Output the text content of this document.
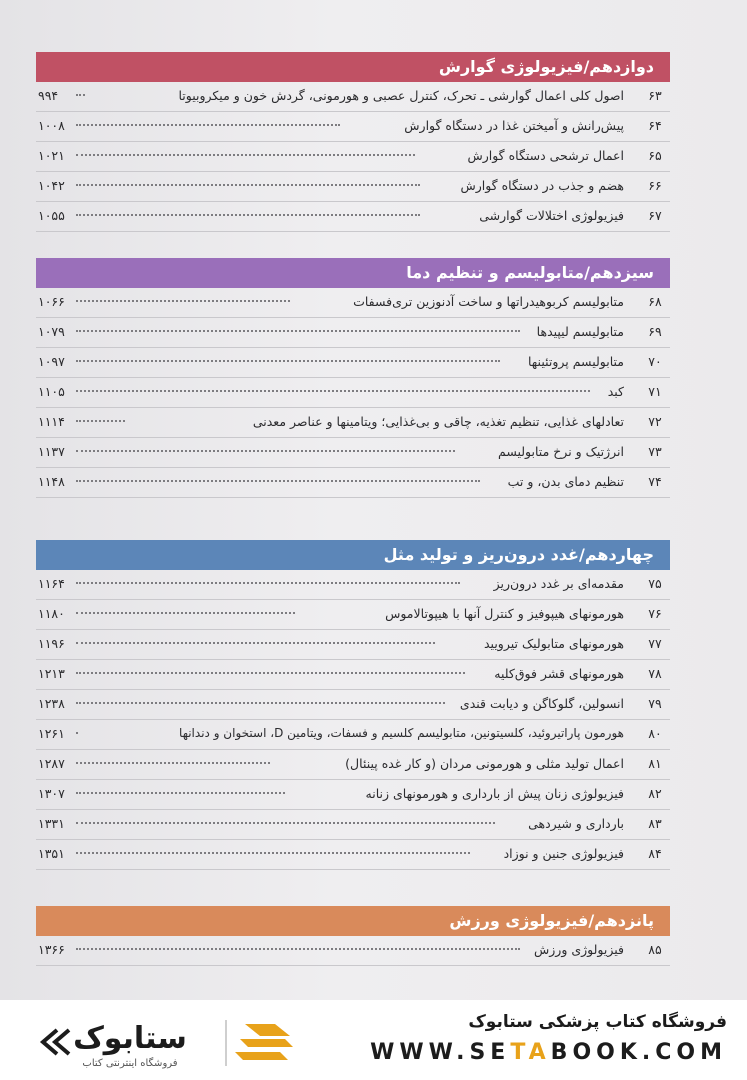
دوازدهم/فیزیولوژی گوارش
۶۳
اصول کلی اعمال گوارشی ـ تحرک، کنترل عصبی و هورمونی، گردش خون و میکروبیوتا
۹۹۴
۶۴
پیش‌رانش و آمیختن غذا در دستگاه گوارش
۱۰۰۸
۶۵
اعمال ترشحی دستگاه گوارش
۱۰۲۱
۶۶
هضم و جذب در دستگاه گوارش
۱۰۴۲
۶۷
فیزیولوژی اختلالات گوارشی
۱۰۵۵
سیزدهم/متابولیسم و تنظیم دما
۶۸
متابولیسم کربوهیدراتها و ساخت آدنوزین تری‌فسفات
۱۰۶۶
۶۹
متابولیسم لیپیدها
۱۰۷۹
۷۰
متابولیسم پروتئینها
۱۰۹۷
۷۱
کبد
۱۱۰۵
۷۲
تعادلهای غذایی، تنظیم تغذیه، چاقی و بی‌غذایی؛ ویتامینها و عناصر معدنی
۱۱۱۴
۷۳
انرژتیک و نرخ متابولیسم
۱۱۳۷
۷۴
تنظیم دمای بدن، و تب
۱۱۴۸
چهاردهم/غدد درون‌ریز و تولید مثل
۷۵
مقدمه‌ای بر غدد درون‌ریز
۱۱۶۴
۷۶
هورمونهای هیپوفیز و کنترل آنها با هیپوتالاموس
۱۱۸۰
۷۷
هورمونهای متابولیک تیرویید
۱۱۹۶
۷۸
هورمونهای قشر فوق‌کلیه
۱۲۱۳
۷۹
انسولین، گلوکاگن و دیابت قندی
۱۲۳۸
۸۰
هورمون پاراتیروئید، کلسیتونین، متابولیسم کلسیم و فسفات، ویتامین D، استخوان و دندانها
۱۲۶۱
۸۱
اعمال تولید مثلی و هورمونی مردان (و کار غده پینئال)
۱۲۸۷
۸۲
فیزیولوژی زنان پیش از بارداری و هورمونهای زنانه
۱۳۰۷
۸۳
بارداری و شیردهی
۱۳۳۱
۸۴
فیزیولوژی جنین و نوزاد
۱۳۵۱
پانزدهم/فیزیولوژی ورزش
۸۵
فیزیولوژی ورزش
۱۳۶۶
ستابوک
فروشگاه اینترنتی کتاب
فروشگاه کتاب پزشکی ستابوک
WWW.SETABOOK.COM
